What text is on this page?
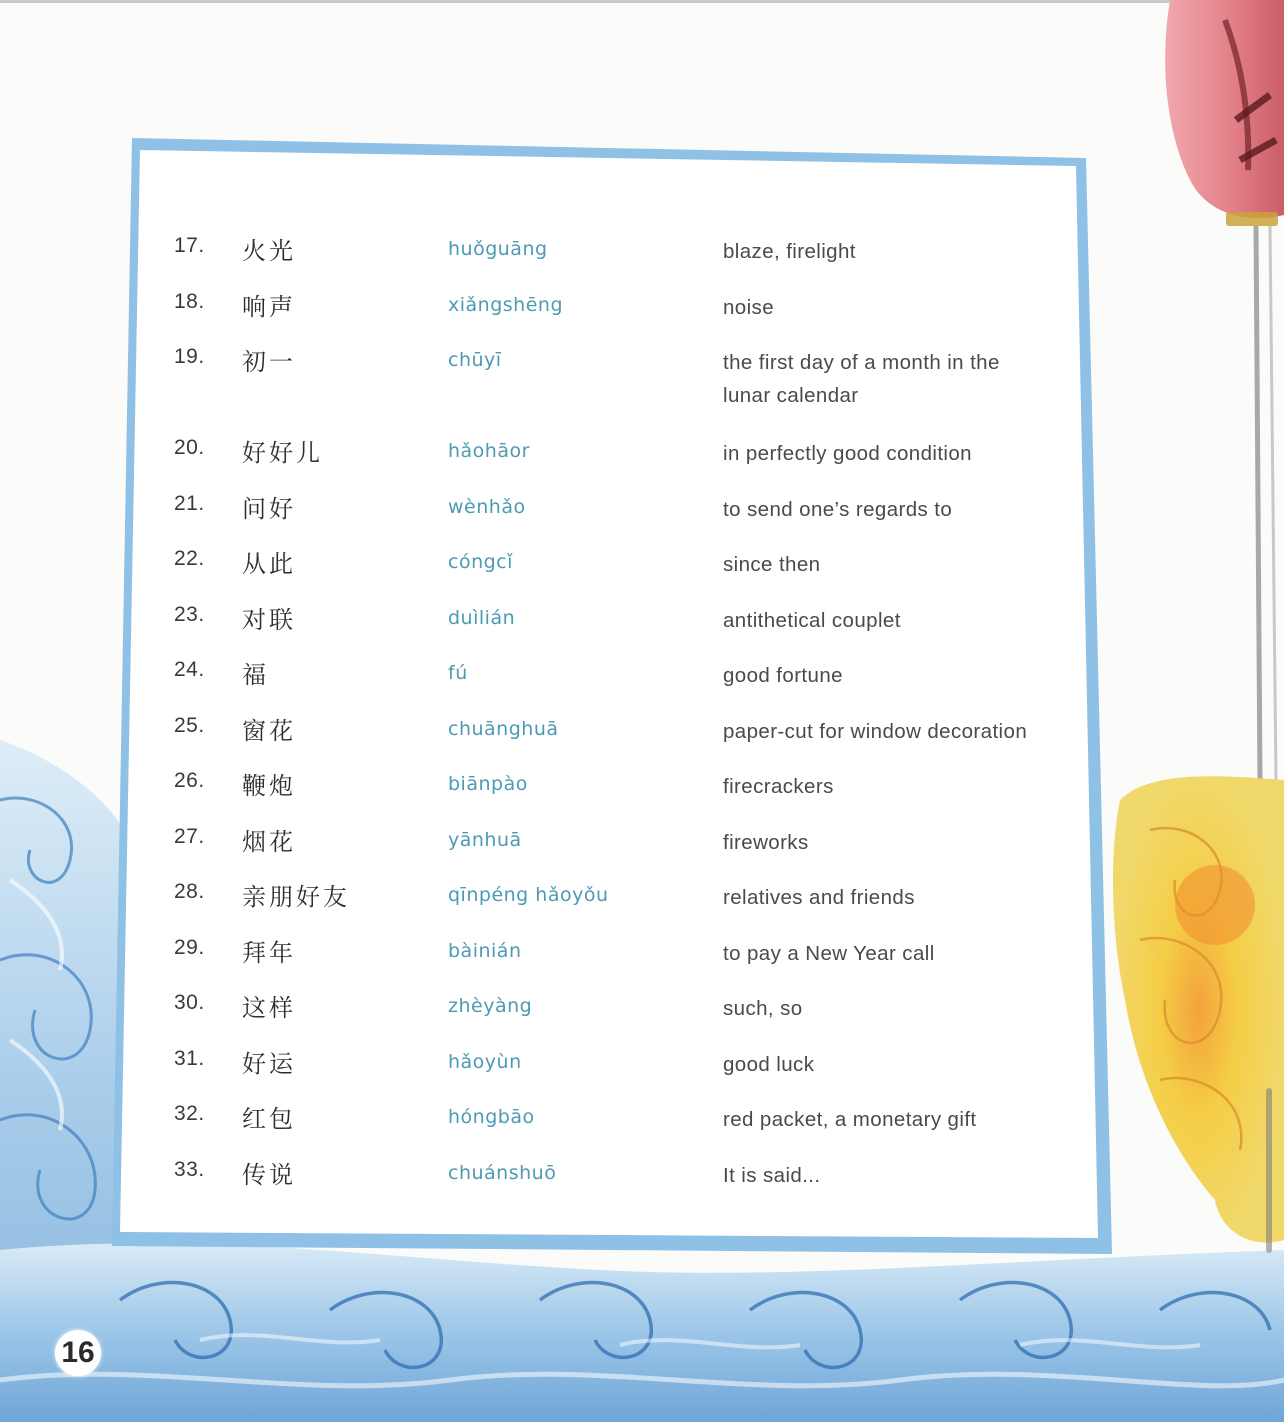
17. 火光	huǒguāng	blaze, firelight
18. 响声	xiǎngshēng	noise
19. 初一	chūyī	the first day of a month in the lunar calendar
20. 好好儿	hǎohāor	in perfectly good condition
21. 问好	wènhǎo	to send one’s regards to
22. 从此	cóngcǐ	since then
23. 对联	duìlián	antithetical couplet
24. 福	fú	good fortune
25. 窗花	chuānghuā	paper-cut for window decoration
26. 鞭炮	biānpào	firecrackers
27. 烟花	yānhuā	fireworks
28. 亲朋好友	qīnpéng hǎoyǒu	relatives and friends
29. 拜年	bàinián	to pay a New Year call
30. 这样	zhèyàng	such, so
31. 好运	hǎoyùn	good luck
32. 红包	hóngbāo	red packet, a monetary gift
33. 传说	chuánshuō	It is said...
16
